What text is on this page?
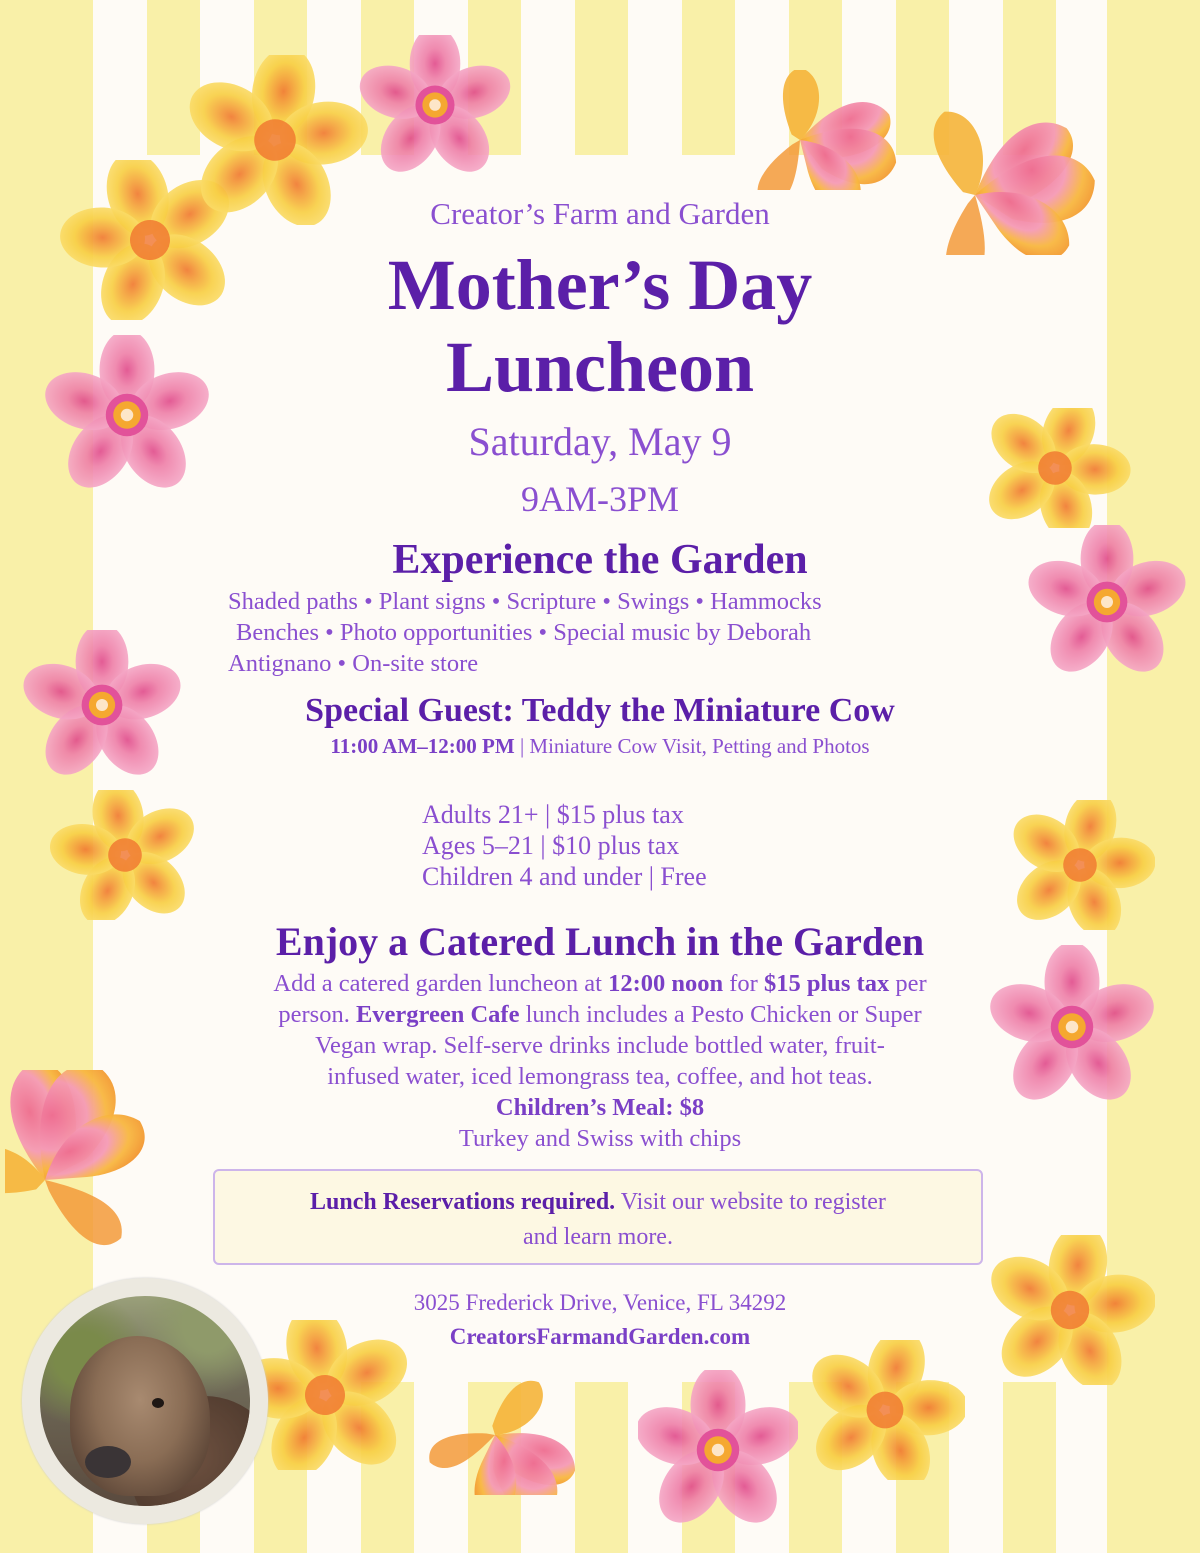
Creator’s Farm and Garden
Mother’s Day
Luncheon
Saturday, May 9
9AM-3PM
Experience the Garden
Shaded paths • Plant signs • Scripture • Swings • Hammocks
Benches • Photo opportunities • Special music by Deborah
Antignano • On-site store
Special Guest: Teddy the Miniature Cow
11:00 AM–12:00 PM | Miniature Cow Visit, Petting and Photos
Adults 21+ | $15 plus tax
Ages 5–21 | $10 plus tax
Children 4 and under | Free
Enjoy a Catered Lunch in the Garden
Add a catered garden luncheon at 12:00 noon for $15 plus tax per
person. Evergreen Cafe lunch includes a Pesto Chicken or Super
Vegan wrap. Self-serve drinks include bottled water, fruit-
infused water, iced lemongrass tea, coffee, and hot teas.
Children’s Meal: $8
Turkey and Swiss with chips
Lunch Reservations required. Visit our website to register
and learn more.
3025 Frederick Drive, Venice, FL 34292
CreatorsFarmandGarden.com
